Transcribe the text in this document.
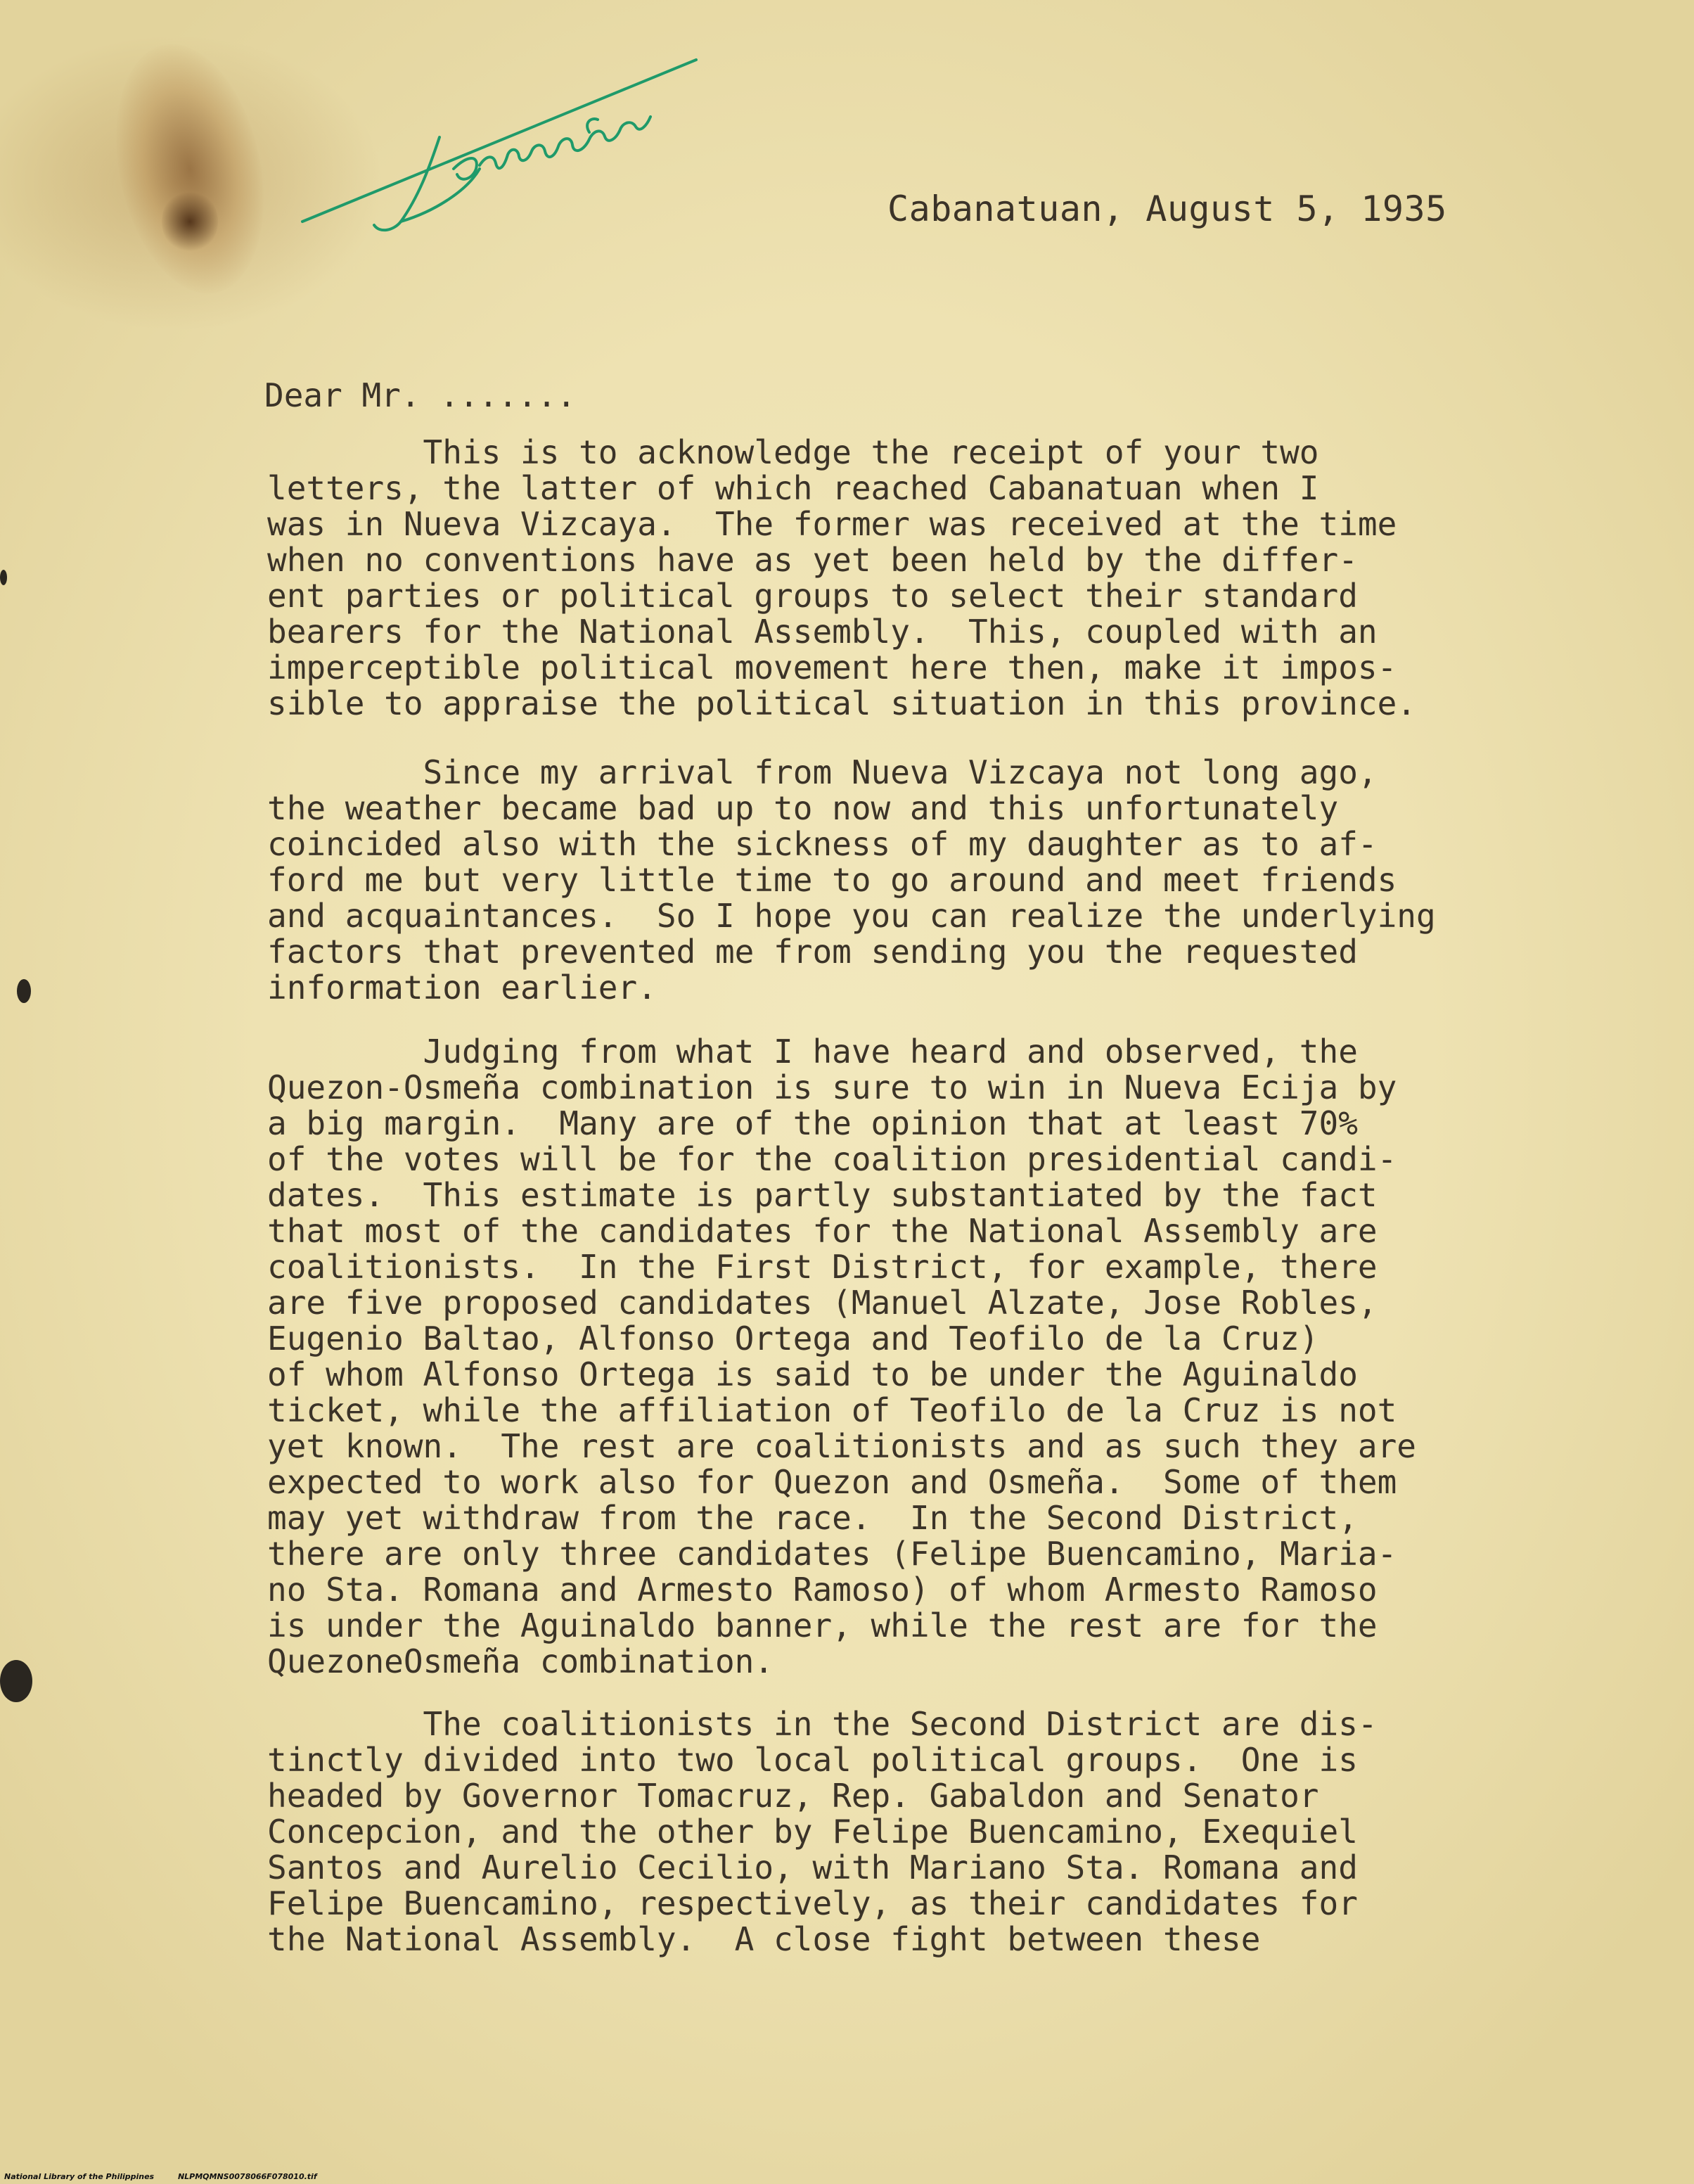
Cabanatuan, August 5, 1935
Dear Mr. .......

This is to acknowledge the receipt of your two
letters, the latter of which reached Cabanatuan when I
was in Nueva Vizcaya.  The former was received at the time
when no conventions have as yet been held by the differ-
ent parties or political groups to select their standard
bearers for the National Assembly.  This, coupled with an
imperceptible political movement here then, make it impos-
sible to appraise the political situation in this province.

Since my arrival from Nueva Vizcaya not long ago,
the weather became bad up to now and this unfortunately
coincided also with the sickness of my daughter as to af-
ford me but very little time to go around and meet friends
and acquaintances.  So I hope you can realize the underlying
factors that prevented me from sending you the requested
information earlier.

Judging from what I have heard and observed, the
Quezon-Osmeña combination is sure to win in Nueva Ecija by
a big margin.  Many are of the opinion that at least 70%
of the votes will be for the coalition presidential candi-
dates.  This estimate is partly substantiated by the fact
that most of the candidates for the National Assembly are
coalitionists.  In the First District, for example, there
are five proposed candidates (Manuel Alzate, Jose Robles,
Eugenio Baltao, Alfonso Ortega and Teofilo de la Cruz)
of whom Alfonso Ortega is said to be under the Aguinaldo
ticket, while the affiliation of Teofilo de la Cruz is not
yet known.  The rest are coalitionists and as such they are
expected to work also for Quezon and Osmeña.  Some of them
may yet withdraw from the race.  In the Second District,
there are only three candidates (Felipe Buencamino, Maria-
no Sta. Romana and Armesto Ramoso) of whom Armesto Ramoso
is under the Aguinaldo banner, while the rest are for the
QuezoneOsmeña combination.

The coalitionists in the Second District are dis-
tinctly divided into two local political groups.  One is
headed by Governor Tomacruz, Rep. Gabaldon and Senator
Concepcion, and the other by Felipe Buencamino, Exequiel
Santos and Aurelio Cecilio, with Mariano Sta. Romana and
Felipe Buencamino, respectively, as their candidates for
the National Assembly.  A close fight between these

National Library of the Philippines	NLPMQMNS0078066F078010.tif
